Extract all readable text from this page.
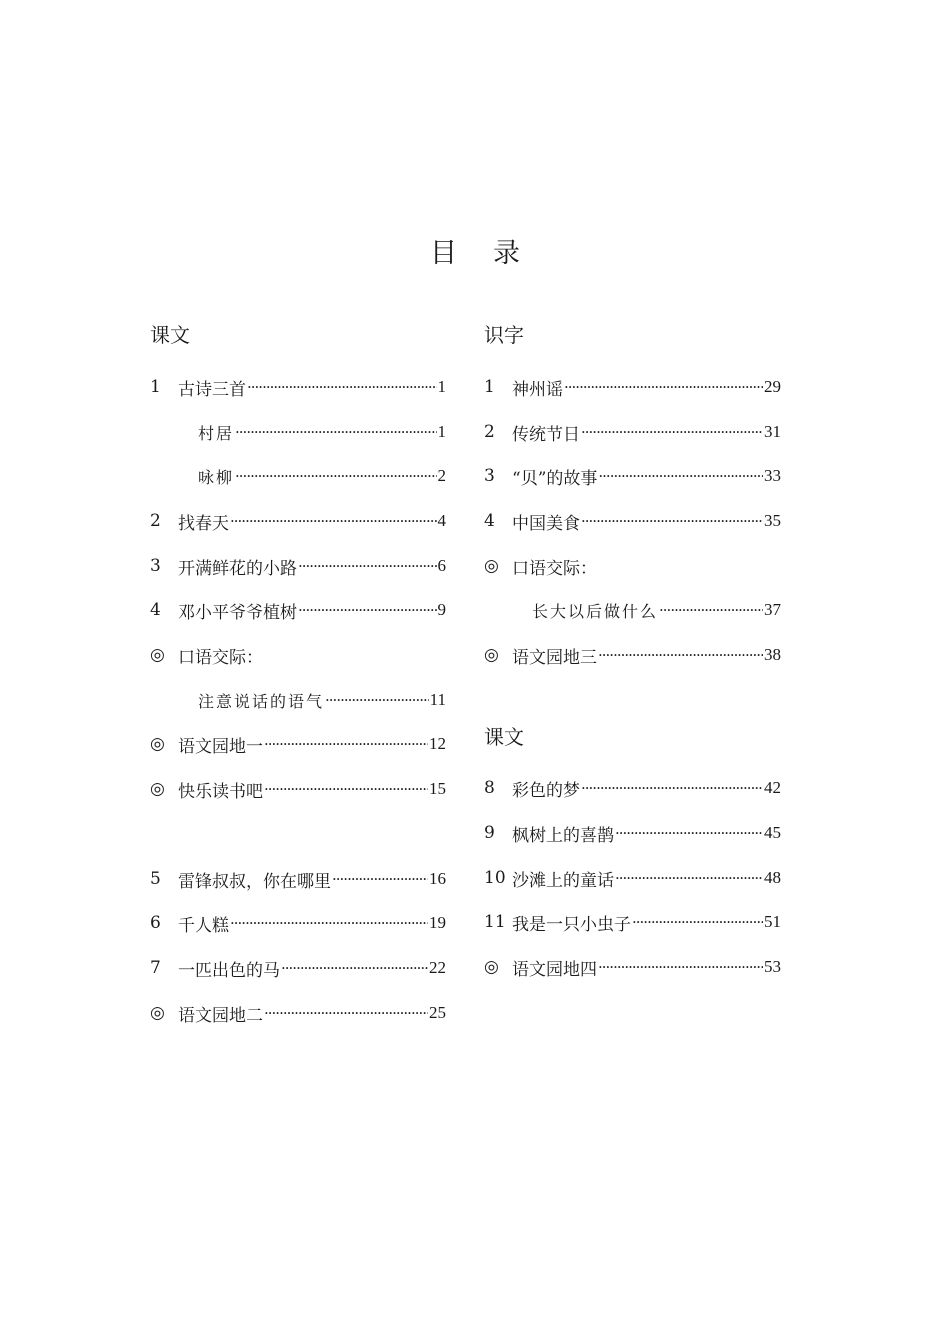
目录
课文
1	古诗三首 ·····	1
村居 ·····	1
咏柳 ·····	2
2	找春天 ·····	4
3	开满鲜花的小路 ·····	6
4	邓小平爷爷植树 ·····	9
◎ 口语交际：
注意说话的语气 ·····	11
◎ 语文园地一 ·····	12
◎ 快乐读书吧 ·····	15
5	雷锋叔叔，你在哪里 ·····	16
6	千人糕 ·····	19
7	一匹出色的马 ·····	22
◎ 语文园地二 ·····	25
识字
1	神州谣 ·····	29
2	传统节日 ·····	31
3	“贝”的故事 ·····	33
4	中国美食 ·····	35
◎ 口语交际：
长大以后做什么 ·····	37
◎ 语文园地三 ·····	38
课文
8	彩色的梦 ·····	42
9	枫树上的喜鹊 ·····	45
10 沙滩上的童话 ·····	48
11 我是一只小虫子 ·····	51
◎ 语文园地四 ·····	53
